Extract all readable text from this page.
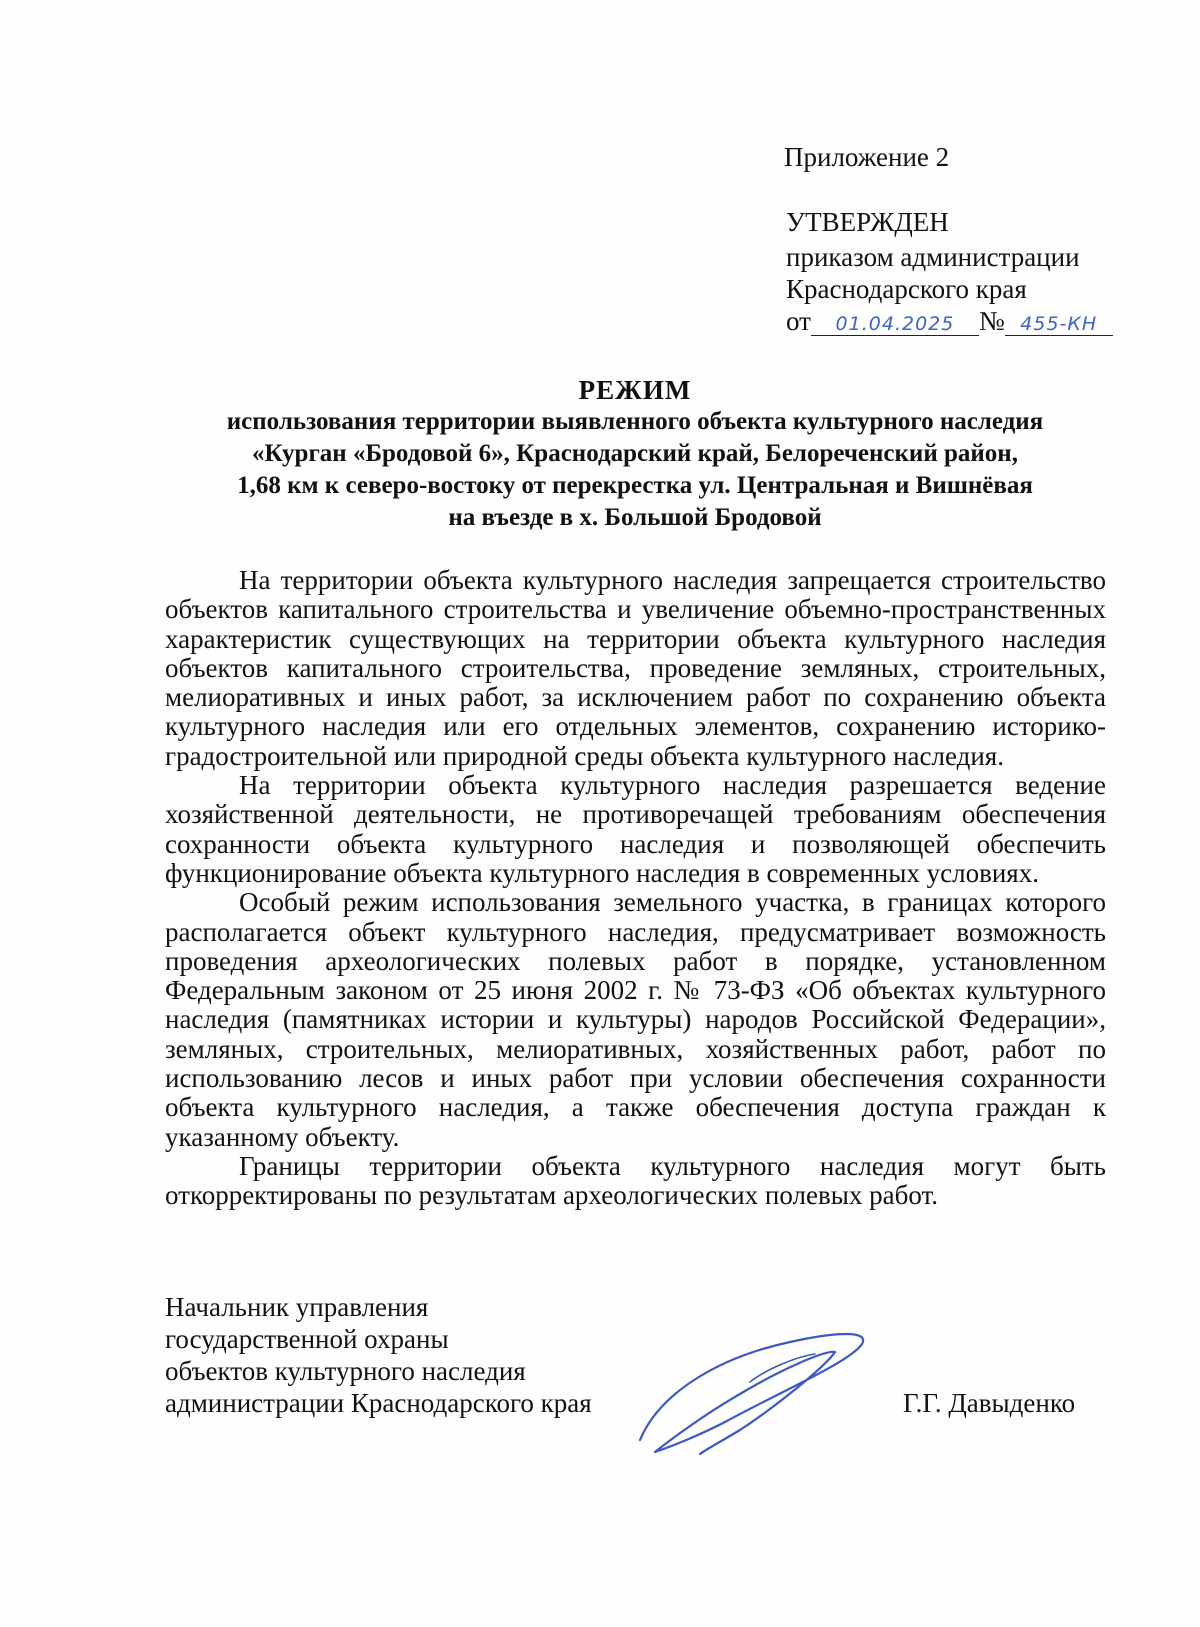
Приложение 2
УТВЕРЖДЕН
приказом администрации
Краснодарского края
от 01.04.2025 № 455-КН
РЕЖИМ
использования территории выявленного объекта культурного наследия
«Курган «Бродовой 6», Краснодарский край, Белореченский район,
1,68 км к северо-востоку от перекрестка ул. Центральная и Вишнёвая
на въезде в х. Большой Бродовой

На территории объекта культурного наследия запрещается строительство объектов капитального строительства и увеличение объемно-пространственных характеристик существующих на территории объекта культурного наследия объектов капитального строительства, проведение земляных, строительных, мелиоративных и иных работ, за исключением работ по сохранению объекта культурного наследия или его отдельных элементов, сохранению историко-градостроительной или природной среды объекта культурного наследия.

На территории объекта культурного наследия разрешается ведение хозяйственной деятельности, не противоречащей требованиям обеспечения сохранности объекта культурного наследия и позволяющей обеспечить функционирование объекта культурного наследия в современных условиях.

Особый режим использования земельного участка, в границах которого располагается объект культурного наследия, предусматривает возможность проведения археологических полевых работ в порядке, установленном Федеральным законом от 25 июня 2002 г. № 73-ФЗ «Об объектах культурного наследия (памятниках истории и культуры) народов Российской Федерации», земляных, строительных, мелиоративных, хозяйственных работ, работ по использованию лесов и иных работ при условии обеспечения сохранности объекта культурного наследия, а также обеспечения доступа граждан к указанному объекту.

Границы территории объекта культурного наследия могут быть откорректированы по результатам археологических полевых работ.

Начальник управления
государственной охраны
объектов культурного наследия
администрации Краснодарского края	Г.Г. Давыденко
